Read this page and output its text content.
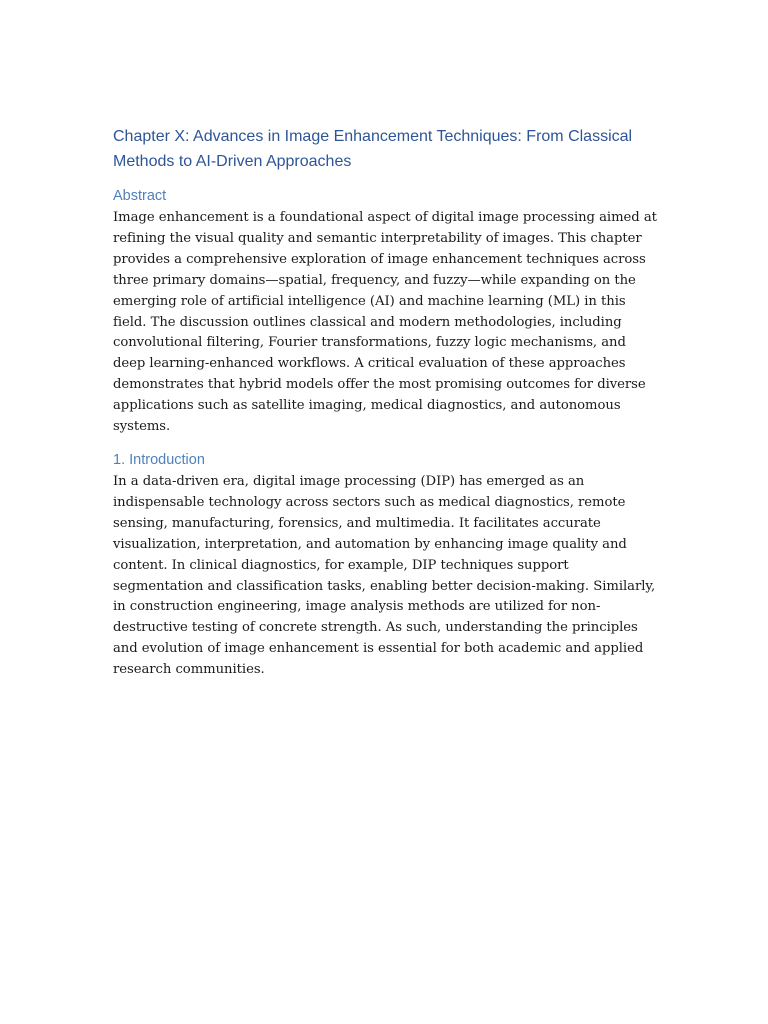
Chapter X: Advances in Image Enhancement Techniques: From Classical Methods to AI-Driven Approaches
Abstract

Image enhancement is a foundational aspect of digital image processing aimed at refining the visual quality and semantic interpretability of images. This chapter provides a comprehensive exploration of image enhancement techniques across three primary domains—spatial, frequency, and fuzzy—while expanding on the emerging role of artificial intelligence (AI) and machine learning (ML) in this field. The discussion outlines classical and modern methodologies, including convolutional filtering, Fourier transformations, fuzzy logic mechanisms, and deep learning-enhanced workflows. A critical evaluation of these approaches demonstrates that hybrid models offer the most promising outcomes for diverse applications such as satellite imaging, medical diagnostics, and autonomous systems.

1. Introduction

In a data-driven era, digital image processing (DIP) has emerged as an indispensable technology across sectors such as medical diagnostics, remote sensing, manufacturing, forensics, and multimedia. It facilitates accurate visualization, interpretation, and automation by enhancing image quality and content. In clinical diagnostics, for example, DIP techniques support segmentation and classification tasks, enabling better decision-making. Similarly, in construction engineering, image analysis methods are utilized for non-destructive testing of concrete strength. As such, understanding the principles and evolution of image enhancement is essential for both academic and applied research communities.
